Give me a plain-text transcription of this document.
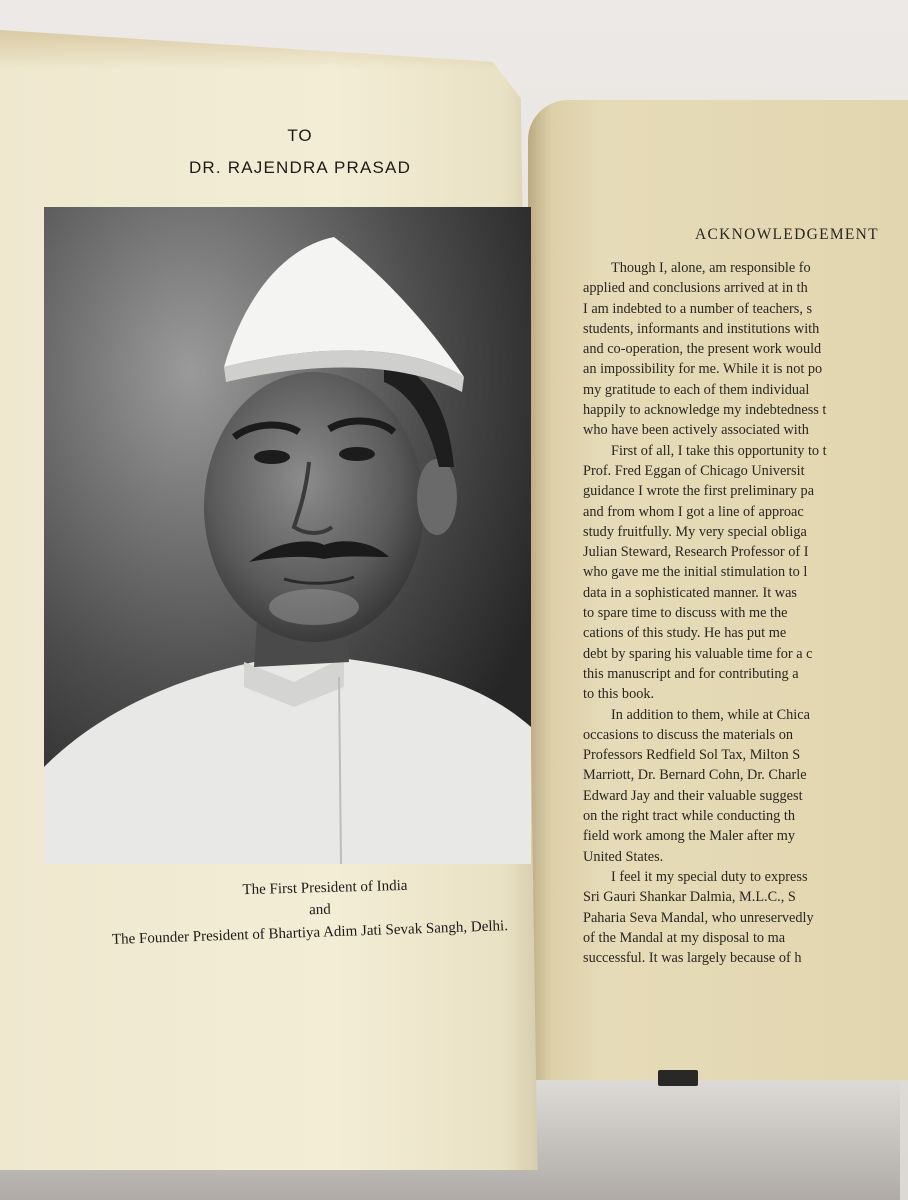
ACKNOWLEDGEMENT
Though I, alone, am responsible fo
applied and conclusions arrived at in th
I am indebted to a number of teachers, s
students, informants and institutions with
and co-operation, the present work would
an impossibility for me. While it is not po
my gratitude to each of them individual
happily to acknowledge my indebtedness t
who have been actively associated with
First of all, I take this opportunity to t
Prof. Fred Eggan of Chicago Universit
guidance I wrote the first preliminary pa
and from whom I got a line of approac
study fruitfully. My very special obliga
Julian Steward, Research Professor of I
who gave me the initial stimulation to l
data in a sophisticated manner. It was
to spare time to discuss with me the
cations of this study. He has put me
debt by sparing his valuable time for a c
this manuscript and for contributing a
to this book.
In addition to them, while at Chica
occasions to discuss the materials on
Professors Redfield Sol Tax, Milton S
Marriott, Dr. Bernard Cohn, Dr. Charle
Edward Jay and their valuable suggest
on the right tract while conducting th
field work among the Maler after my
United States.
I feel it my special duty to express
Sri Gauri Shankar Dalmia, M.L.C., S
Paharia Seva Mandal, who unreservedly
of the Mandal at my disposal to ma
successful. It was largely because of h
TO
DR. RAJENDRA PRASAD
The First President of India
and
The Founder President of Bhartiya Adim Jati Sevak Sangh, Delhi.
